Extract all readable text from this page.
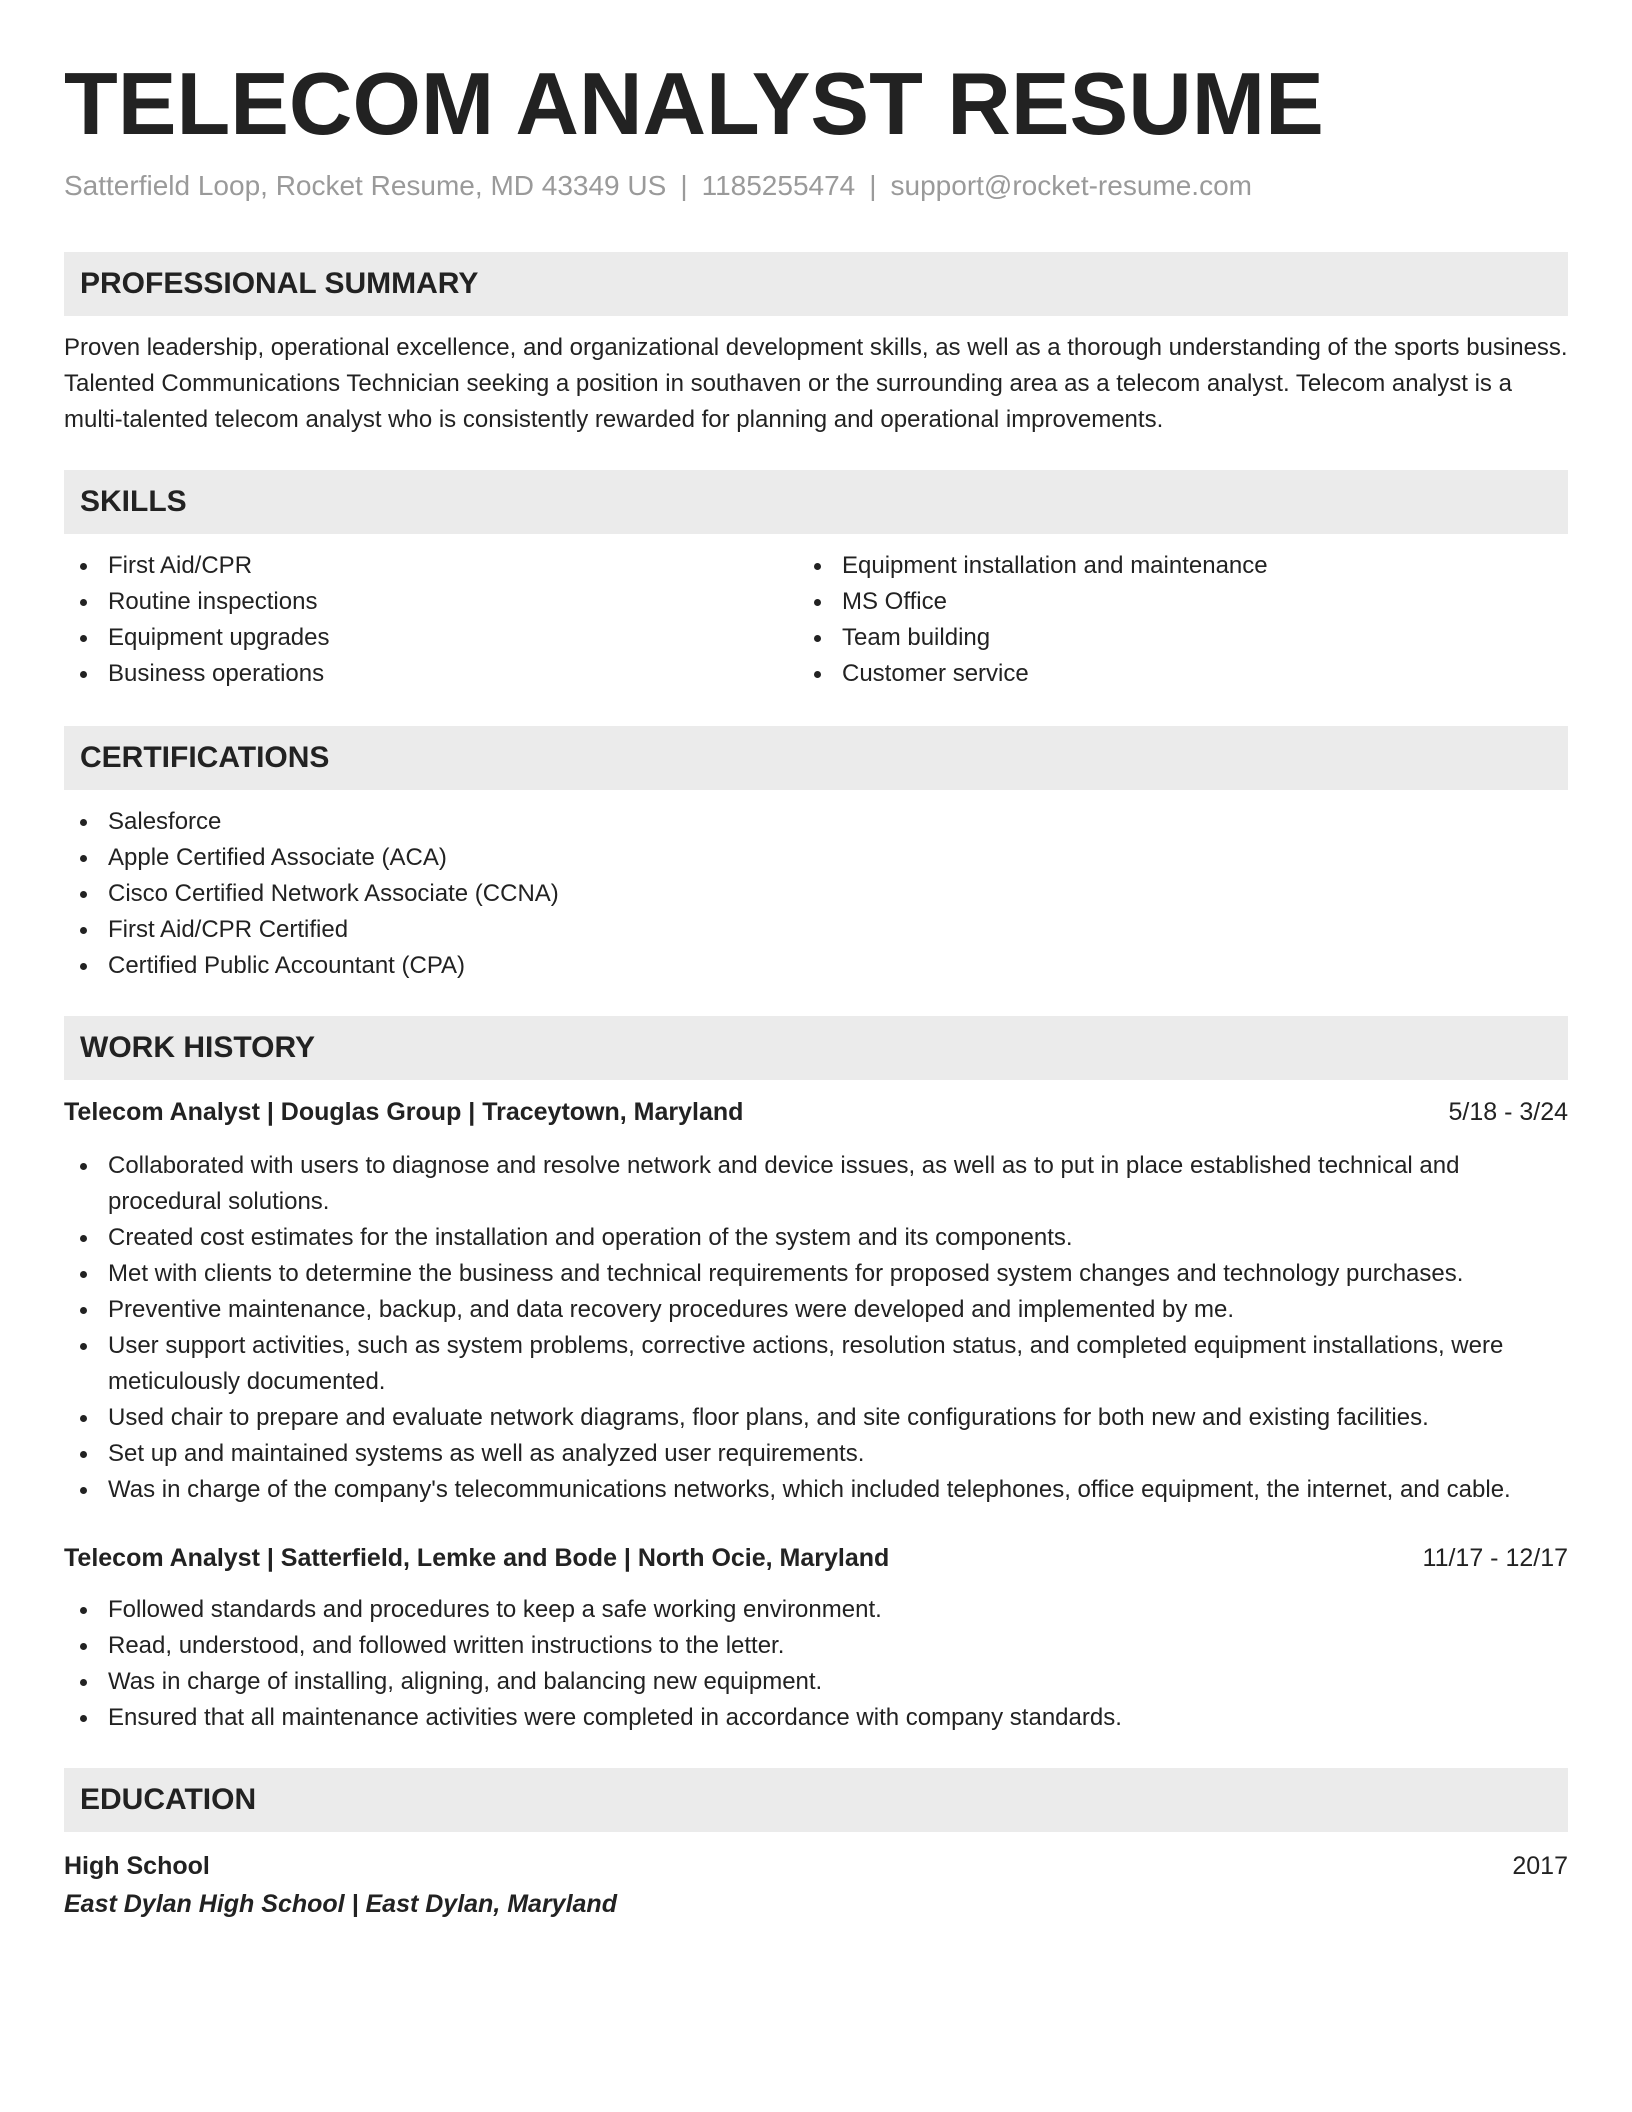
TELECOM ANALYST RESUME
Satterfield Loop, Rocket Resume, MD 43349 US | 1185255474 | support@rocket-resume.com
PROFESSIONAL SUMMARY
Proven leadership, operational excellence, and organizational development skills, as well as a thorough understanding of the sports business. Talented Communications Technician seeking a position in southaven or the surrounding area as a telecom analyst. Telecom analyst is a multi-talented telecom analyst who is consistently rewarded for planning and operational improvements.
SKILLS
First Aid/CPR
Routine inspections
Equipment upgrades
Business operations
Equipment installation and maintenance
MS Office
Team building
Customer service
CERTIFICATIONS
Salesforce
Apple Certified Associate (ACA)
Cisco Certified Network Associate (CCNA)
First Aid/CPR Certified
Certified Public Accountant (CPA)
WORK HISTORY
Telecom Analyst | Douglas Group | Traceytown, Maryland	5/18 - 3/24
Collaborated with users to diagnose and resolve network and device issues, as well as to put in place established technical and procedural solutions.
Created cost estimates for the installation and operation of the system and its components.
Met with clients to determine the business and technical requirements for proposed system changes and technology purchases.
Preventive maintenance, backup, and data recovery procedures were developed and implemented by me.
User support activities, such as system problems, corrective actions, resolution status, and completed equipment installations, were meticulously documented.
Used chair to prepare and evaluate network diagrams, floor plans, and site configurations for both new and existing facilities.
Set up and maintained systems as well as analyzed user requirements.
Was in charge of the company's telecommunications networks, which included telephones, office equipment, the internet, and cable.
Telecom Analyst | Satterfield, Lemke and Bode | North Ocie, Maryland	11/17 - 12/17
Followed standards and procedures to keep a safe working environment.
Read, understood, and followed written instructions to the letter.
Was in charge of installing, aligning, and balancing new equipment.
Ensured that all maintenance activities were completed in accordance with company standards.
EDUCATION
High School	2017
East Dylan High School | East Dylan, Maryland
